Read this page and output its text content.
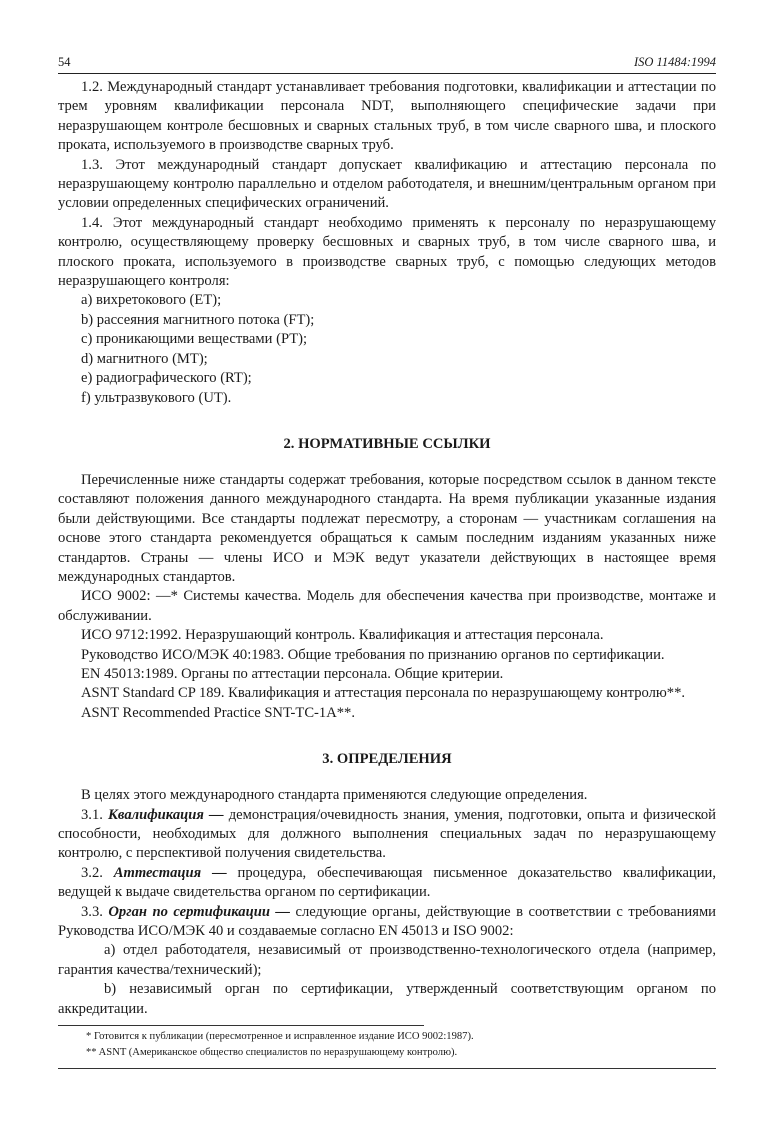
54	ISO 11484:1994

1.2. Международный стандарт устанавливает требования подготовки, квалификации и аттестации по трем уровням квалификации персонала NDT, выполняющего специфические задачи при неразрушающем контроле бесшовных и сварных стальных труб, в том числе сварного шва, и плоского проката, используемого в производстве сварных труб.

1.3. Этот международный стандарт допускает квалификацию и аттестацию персонала по неразрушающему контролю параллельно и отделом работодателя, и внешним/центральным органом при условии определенных специфических ограничений.

1.4. Этот международный стандарт необходимо применять к персоналу по неразрушающему контролю, осуществляющему проверку бесшовных и сварных труб, в том числе сварного шва, и плоского проката, используемого в производстве сварных труб, с помощью следующих методов неразрушающего контроля:

а) вихретокового (ЕТ);

b) рассеяния магнитного потока (FT);

с) проникающими веществами (РТ);

d) магнитного (МТ);

e) радиографического (RT);

f) ультразвукового (UT).

2. НОРМАТИВНЫЕ ССЫЛКИ

Перечисленные ниже стандарты содержат требования, которые посредством ссылок в данном тексте составляют положения данного международного стандарта. На время публикации указанные издания были действующими. Все стандарты подлежат пересмотру, а сторонам — участникам соглашения на основе этого стандарта рекомендуется обращаться к самым последним изданиям указанных ниже стандартов. Страны — члены ИСО и МЭК ведут указатели действующих в настоящее время международных стандартов.

ИСО 9002: —* Системы качества. Модель для обеспечения качества при производстве, монтаже и обслуживании.

ИСО 9712:1992. Неразрушающий контроль. Квалификация и аттестация персонала.

Руководство ИСО/МЭК 40:1983. Общие требования по признанию органов по сертификации.

EN 45013:1989. Органы по аттестации персонала. Общие критерии.

ASNT Standard CP 189. Квалификация и аттестация персонала по неразрушающему контролю**.

ASNT Recommended Practice SNT-TC-1A**.

3. ОПРЕДЕЛЕНИЯ

В целях этого международного стандарта применяются следующие определения.

3.1. Квалификация — демонстрация/очевидность знания, умения, подготовки, опыта и физической способности, необходимых для должного выполнения специальных задач по неразрушающему контролю, с перспективой получения свидетельства.

3.2. Аттестация — процедура, обеспечивающая письменное доказательство квалификации, ведущей к выдаче свидетельства органом по сертификации.

3.3. Орган по сертификации — следующие органы, действующие в соответствии с требованиями Руководства ИСО/МЭК 40 и создаваемые согласно EN 45013 и ISO 9002:

а) отдел работодателя, независимый от производственно-технологического отдела (например, гарантия качества/технический);

b) независимый орган по сертификации, утвержденный соответствующим органом по аккредитации.

* Готовится к публикации (пересмотренное и исправленное издание ИСО 9002:1987).

** ASNT (Американское общество специалистов по неразрушающему контролю).
